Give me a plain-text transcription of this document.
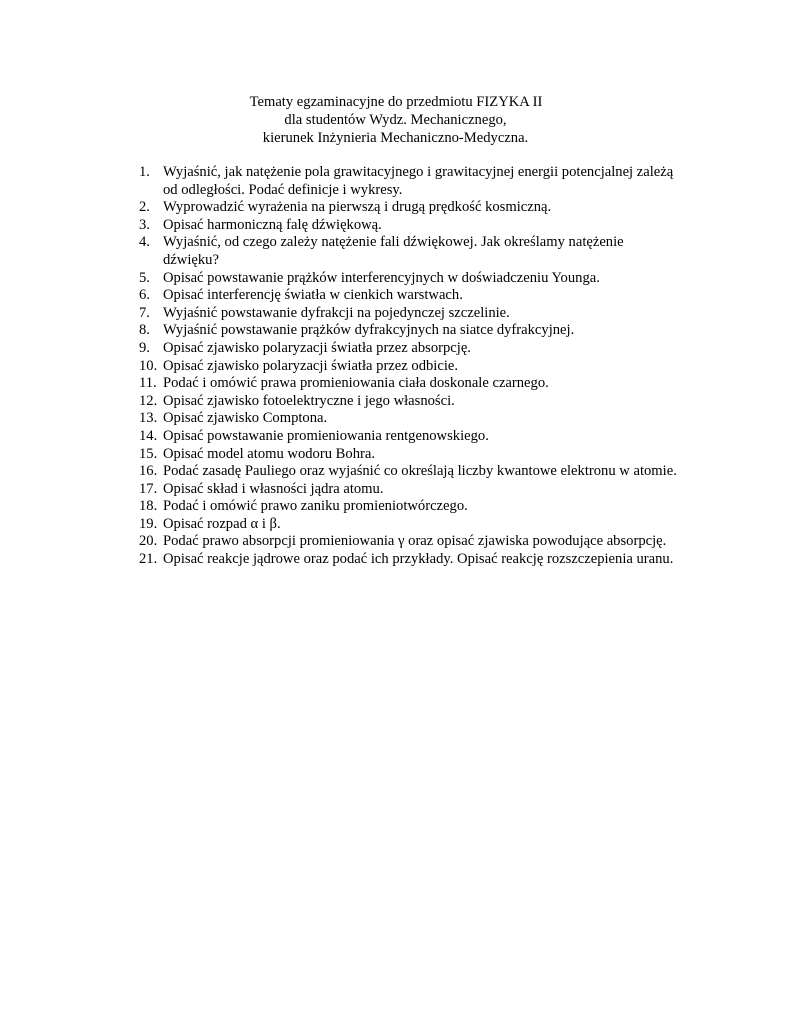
Tematy egzaminacyjne do przedmiotu FIZYKA II
dla studentów Wydz. Mechanicznego,
kierunek Inżynieria Mechaniczno-Medyczna.
1. Wyjaśnić, jak natężenie pola grawitacyjnego i grawitacyjnej energii potencjalnej zależą od odległości. Podać definicje i wykresy.
2. Wyprowadzić wyrażenia na pierwszą i drugą prędkość kosmiczną.
3. Opisać harmoniczną falę dźwiękową.
4. Wyjaśnić, od czego zależy natężenie fali dźwiękowej. Jak określamy natężenie dźwięku?
5. Opisać powstawanie prążków interferencyjnych w doświadczeniu Younga.
6. Opisać interferencję światła w cienkich warstwach.
7. Wyjaśnić powstawanie dyfrakcji na pojedynczej szczelinie.
8. Wyjaśnić powstawanie prążków dyfrakcyjnych na siatce dyfrakcyjnej.
9. Opisać zjawisko polaryzacji światła przez absorpcję.
10. Opisać zjawisko polaryzacji światła przez odbicie.
11. Podać i omówić prawa promieniowania ciała doskonale czarnego.
12. Opisać zjawisko fotoelektryczne i jego własności.
13. Opisać zjawisko Comptona.
14. Opisać powstawanie promieniowania rentgenowskiego.
15. Opisać model atomu wodoru Bohra.
16. Podać zasadę Pauliego oraz wyjaśnić co określają liczby kwantowe elektronu w atomie.
17. Opisać skład i własności jądra atomu.
18. Podać i omówić prawo zaniku promieniotwórczego.
19. Opisać rozpad α i β.
20. Podać prawo absorpcji promieniowania γ oraz opisać zjawiska powodujące absorpcję.
21. Opisać reakcje jądrowe oraz podać ich przykłady. Opisać reakcję rozszczepienia uranu.
